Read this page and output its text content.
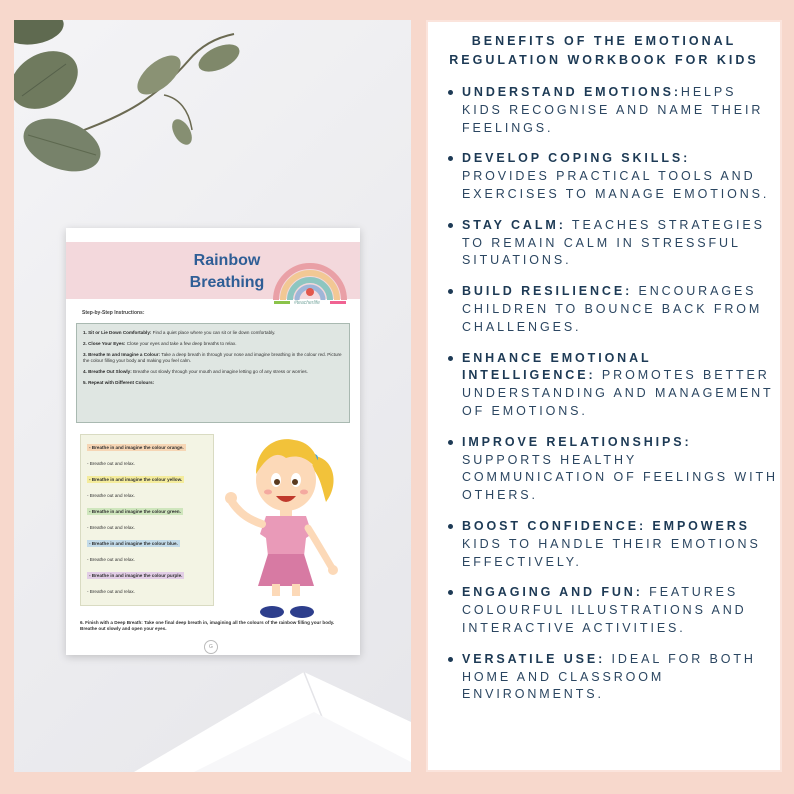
Rainbow Breathing
#teacherlife
Step-by-Step Instructions:

1. Sit or Lie Down Comfortably: Find a quiet place where you can sit or lie down comfortably.

2. Close Your Eyes: Close your eyes and take a few deep breaths to relax.

3. Breathe In and Imagine a Colour: Take a deep breath in through your nose and imagine breathing in the colour red. Picture the colour filling your body and making you feel calm.

4. Breathe Out Slowly: Breathe out slowly through your mouth and imagine letting go of any stress or worries.

5. Repeat with Different Colours:

- Breathe in and imagine the colour orange.
- Breathe out and relax.
- Breathe in and imagine the colour yellow.
- Breathe out and relax.
- Breathe in and imagine the colour green.
- Breathe out and relax.
- Breathe in and imagine the colour blue.
- Breathe out and relax.
- Breathe in and imagine the colour purple.
- Breathe out and relax.
6. Finish with a Deep Breath: Take one final deep breath in, imagining all the colours of the rainbow filling your body. Breathe out slowly and open your eyes.
G
BENEFITS OF THE EMOTIONAL
REGULATION WORKBOOK FOR KIDS
UNDERSTAND EMOTIONS:HELPS KIDS RECOGNISE AND NAME THEIR FEELINGS.
DEVELOP COPING SKILLS: PROVIDES PRACTICAL TOOLS AND EXERCISES TO MANAGE EMOTIONS.
STAY CALM: TEACHES STRATEGIES TO REMAIN CALM IN STRESSFUL SITUATIONS.
BUILD RESILIENCE: ENCOURAGES CHILDREN TO BOUNCE BACK FROM CHALLENGES.
ENHANCE EMOTIONAL INTELLIGENCE: PROMOTES BETTER UNDERSTANDING AND MANAGEMENT OF EMOTIONS.
IMPROVE RELATIONSHIPS: SUPPORTS HEALTHY COMMUNICATION OF FEELINGS WITH OTHERS.
BOOST CONFIDENCE: EMPOWERS KIDS TO HANDLE THEIR EMOTIONS EFFECTIVELY.
ENGAGING AND FUN: FEATURES COLOURFUL ILLUSTRATIONS AND INTERACTIVE ACTIVITIES.
VERSATILE USE: IDEAL FOR BOTH HOME AND CLASSROOM ENVIRONMENTS.
